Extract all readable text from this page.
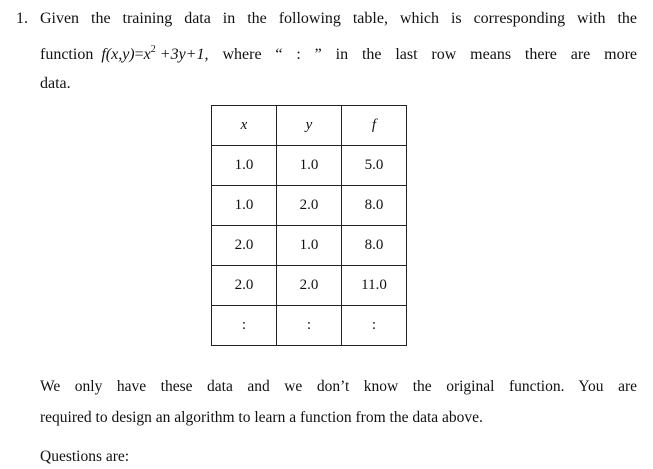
1. Given the training data in the following table, which is corresponding with the
function $f(x,y)=x^2 +3y+1$, where “ : ” in the last row means there are more
data.
x	y	f
1.0	1.0	5.0
1.0	2.0	8.0
2.0	1.0	8.0
2.0	2.0	11.0
:	:	:
We only have these data and we don’t know the original function. You are
required to design an algorithm to learn a function from the data above.
Questions are:
